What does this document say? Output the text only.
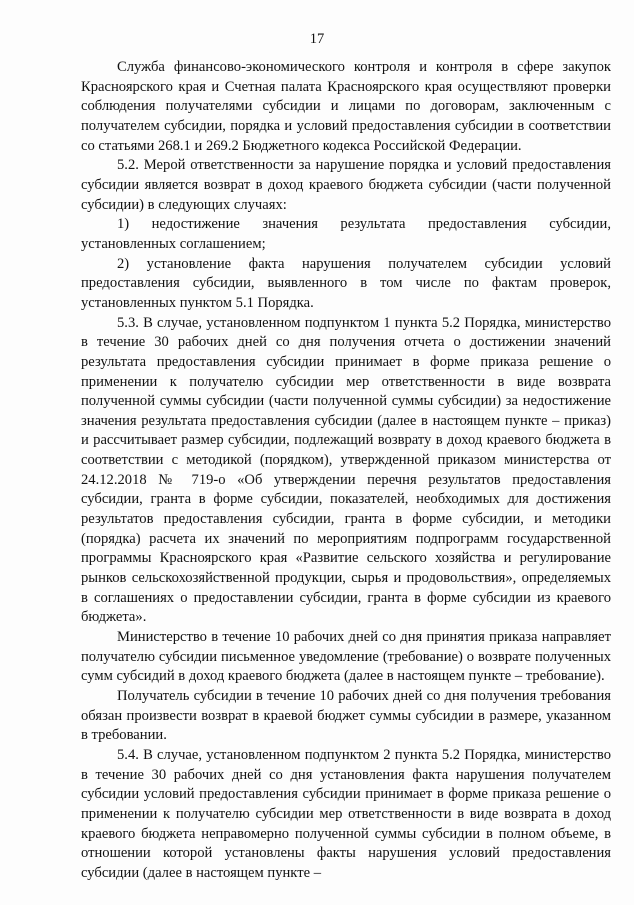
17

Служба финансово-экономического контроля и контроля в сфере закупок Красноярского края и Счетная палата Красноярского края осуществляют проверки соблюдения получателями субсидии и лицами по договорам, заключенным с получателем субсидии, порядка и условий предоставления субсидии в соответствии со статьями 268.1 и 269.2 Бюджетного кодекса Российской Федерации.

5.2. Мерой ответственности за нарушение порядка и условий предоставления субсидии является возврат в доход краевого бюджета субсидии (части полученной субсидии) в следующих случаях:

1) недостижение значения результата предоставления субсидии, установленных соглашением;

2) установление факта нарушения получателем субсидии условий предоставления субсидии, выявленного в том числе по фактам проверок, установленных пунктом 5.1 Порядка.

5.3. В случае, установленном подпунктом 1 пункта 5.2 Порядка, министерство в течение 30 рабочих дней со дня получения отчета о достижении значений результата предоставления субсидии принимает в форме приказа решение о применении к получателю субсидии мер ответственности в виде возврата полученной суммы субсидии (части полученной суммы субсидии) за недостижение значения результата предоставления субсидии (далее в настоящем пункте – приказ) и рассчитывает размер субсидии, подлежащий возврату в доход краевого бюджета в соответствии с методикой (порядком), утвержденной приказом министерства от 24.12.2018 № 719-о «Об утверждении перечня результатов предоставления субсидии, гранта в форме субсидии, показателей, необходимых для достижения результатов предоставления субсидии, гранта в форме субсидии, и методики (порядка) расчета их значений по мероприятиям подпрограмм государственной программы Красноярского края «Развитие сельского хозяйства и регулирование рынков сельскохозяйственной продукции, сырья и продовольствия», определяемых в соглашениях о предоставлении субсидии, гранта в форме субсидии из краевого бюджета».

Министерство в течение 10 рабочих дней со дня принятия приказа направляет получателю субсидии письменное уведомление (требование) о возврате полученных сумм субсидий в доход краевого бюджета (далее в настоящем пункте – требование).

Получатель субсидии в течение 10 рабочих дней со дня получения требования обязан произвести возврат в краевой бюджет суммы субсидии в размере, указанном в требовании.

5.4. В случае, установленном подпунктом 2 пункта 5.2 Порядка, министерство в течение 30 рабочих дней со дня установления факта нарушения получателем субсидии условий предоставления субсидии принимает в форме приказа решение о применении к получателю субсидии мер ответственности в виде возврата в доход краевого бюджета неправомерно полученной суммы субсидии в полном объеме, в отношении которой установлены факты нарушения условий предоставления субсидии (далее в настоящем пункте –
